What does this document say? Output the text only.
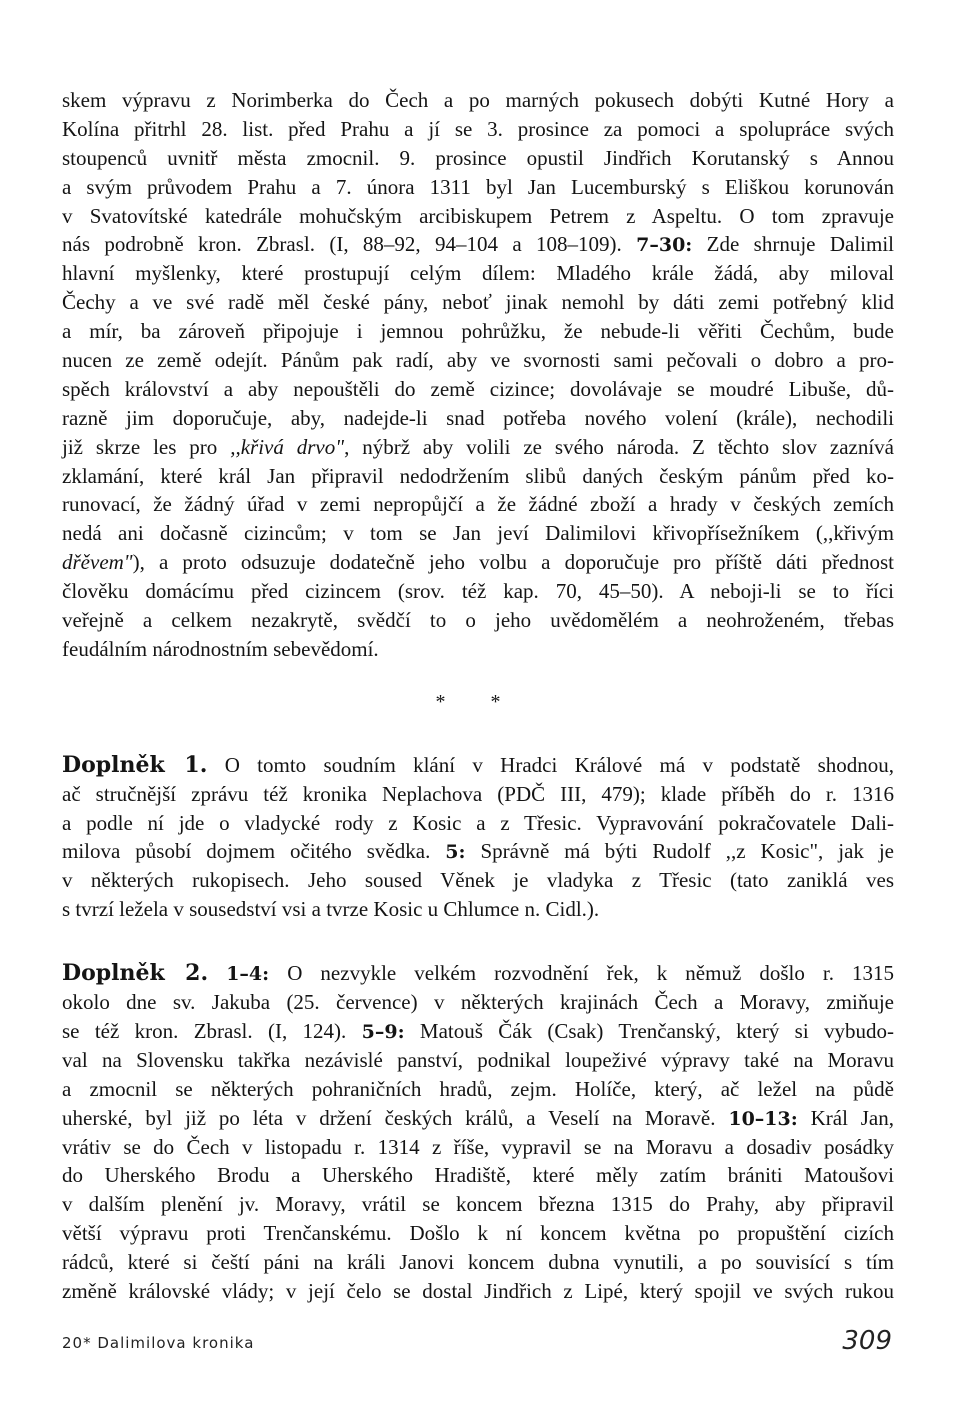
skem výpravu z Norimberka do Čech a po marných pokusech dobýti Kutné Hory a
Kolína přitrhl 28. list. před Prahu a jí se 3. prosince za pomoci a spolupráce svých
stoupenců uvnitř města zmocnil. 9. prosince opustil Jindřich Korutanský s Annou
a svým průvodem Prahu a 7. února 1311 byl Jan Lucemburský s Eliškou korunován
v Svatovítské katedrále mohučským arcibiskupem Petrem z Aspeltu. O tom zpravuje
nás podrobně kron. Zbrasl. (I, 88–92, 94–104 a 108–109). 7–30: Zde shrnuje Dalimil
hlavní myšlenky, které prostupují celým dílem: Mladého krále žádá, aby miloval
Čechy a ve své radě měl české pány, neboť jinak nemohl by dáti zemi potřebný klid
a mír, ba zároveň připojuje i jemnou pohrůžku, že nebude-li věřiti Čechům, bude
nucen ze země odejít. Pánům pak radí, aby ve svornosti sami pečovali o dobro a pro-
spěch království a aby nepouštěli do země cizince; dovolávaje se moudré Libuše, dů-
razně jim doporučuje, aby, nadejde-li snad potřeba nového volení (krále), nechodili
již skrze les pro ,,křivá drvo", nýbrž aby volili ze svého národa. Z těchto slov zaznívá
zklamání, které král Jan připravil nedodržením slibů daných českým pánům před ko-
runovací, že žádný úřad v zemi nepropůjčí a že žádné zboží a hrady v českých zemích
nedá ani dočasně cizincům; v tom se Jan jeví Dalimilovi křivopřísežníkem (,,křivým
dřěvem"), a proto odsuzuje dodatečně jeho volbu a doporučuje pro příště dáti přednost
člověku domácímu před cizincem (srov. též kap. 70, 45–50). A neboji-li se to říci
veřejně a celkem nezakrytě, svědčí to o jeho uvědomělém a neohroženém, třebas
feudálním národnostním sebevědomí.
* *
Doplněk 1. O tomto soudním klání v Hradci Králové má v podstatě shodnou,
ač stručnější zprávu též kronika Neplachova (PDČ III, 479); klade příběh do r. 1316
a podle ní jde o vladycké rody z Kosic a z Třesic. Vypravování pokračovatele Dali-
milova působí dojmem očitého svědka. 5: Správně má býti Rudolf ,,z Kosic", jak je
v některých rukopisech. Jeho soused Věnek je vladyka z Třesic (tato zaniklá ves
s tvrzí ležela v sousedství vsi a tvrze Kosic u Chlumce n. Cidl.).
Doplněk 2. 1–4: O nezvykle velkém rozvodnění řek, k němuž došlo r. 1315
okolo dne sv. Jakuba (25. července) v některých krajinách Čech a Moravy, zmiňuje
se též kron. Zbrasl. (I, 124). 5–9: Matouš Čák (Csak) Trenčanský, který si vybudo-
val na Slovensku takřka nezávislé panství, podnikal loupeživé výpravy také na Moravu
a zmocnil se některých pohraničních hradů, zejm. Holíče, který, ač ležel na půdě
uherské, byl již po léta v držení českých králů, a Veselí na Moravě. 10–13: Král Jan,
vrátiv se do Čech v listopadu r. 1314 z říše, vypravil se na Moravu a dosadiv posádky
do Uherského Brodu a Uherského Hradiště, které měly zatím brániti Matoušovi
v dalším plenění jv. Moravy, vrátil se koncem března 1315 do Prahy, aby připravil
větší výpravu proti Trenčanskému. Došlo k ní koncem května po propuštění cizích
rádců, které si čeští páni na králi Janovi koncem dubna vynutili, a po souvisící s tím
změně královské vlády; v její čelo se dostal Jindřich z Lipé, který spojil ve svých rukou
20* Dalimilova kronika	309
